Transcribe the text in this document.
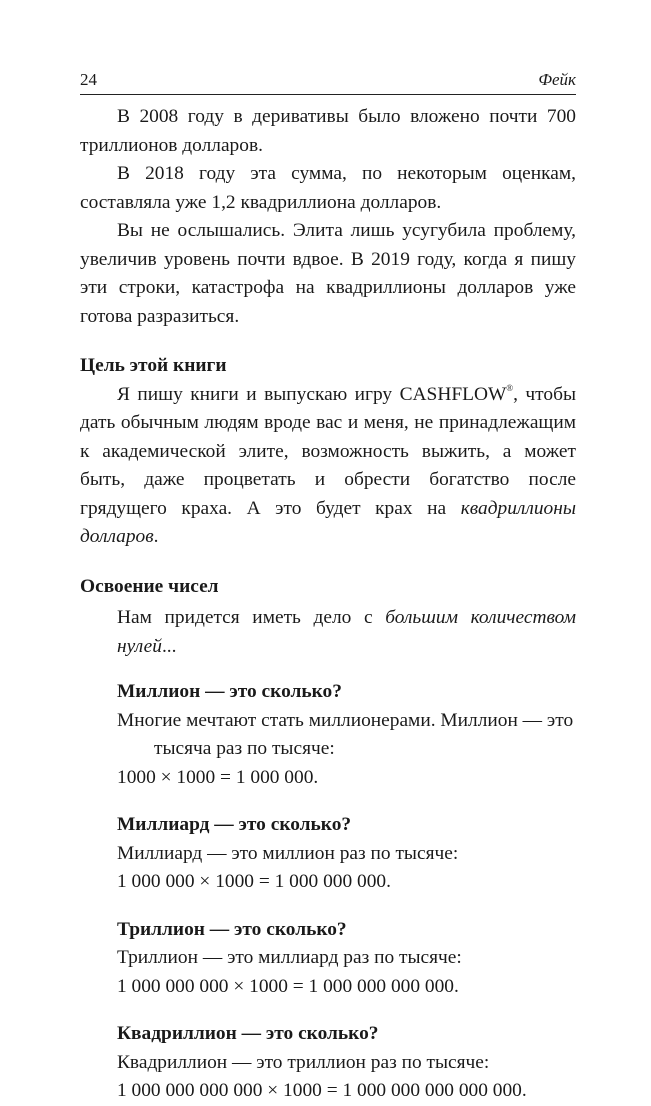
24	Фейк

В 2008 году в деривативы было вложено почти 700 триллионов долларов.

В 2018 году эта сумма, по некоторым оценкам, составляла уже 1,2 квадриллиона долларов.

Вы не ослышались. Элита лишь усугубила проблему, увеличив уровень почти вдвое. В 2019 году, когда я пишу эти строки, катастрофа на квадриллионы долларов уже готова разразиться.

Цель этой книги

Я пишу книги и выпускаю игру CASHFLOW®, чтобы дать обычным людям вроде вас и меня, не принадлежащим к академической элите, возможность выжить, а может быть, даже процветать и обрести богатство после грядущего краха. А это будет крах на квадриллионы долларов.

Освоение чисел

Нам придется иметь дело с большим количеством нулей...

Миллион — это сколько?

Многие мечтают стать миллионерами. Миллион — это тысяча раз по тысяче:

1000 × 1000 = 1 000 000.
Миллиард — это сколько?

Миллиард — это миллион раз по тысяче:

1 000 000 × 1000 = 1 000 000 000.
Триллион — это сколько?

Триллион — это миллиард раз по тысяче:

1 000 000 000 × 1000 = 1 000 000 000 000.
Квадриллион — это сколько?

Квадриллион — это триллион раз по тысяче:

1 000 000 000 000 × 1000 = 1 000 000 000 000 000.
